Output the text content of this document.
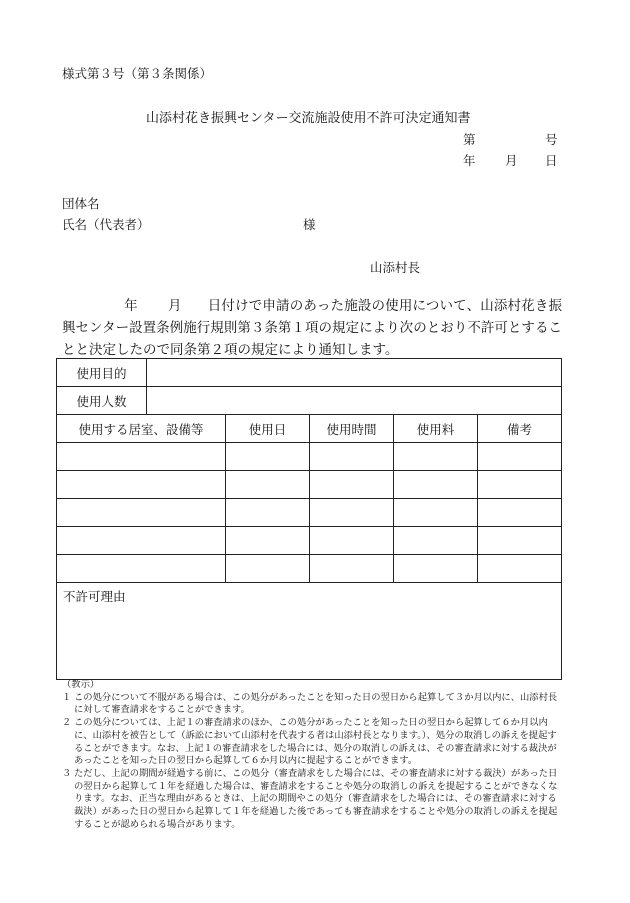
様式第３号（第３条関係）
山添村花き振興センター交流施設使用不許可決定通知書
第	号
年 月 日
団体名
氏名（代表者）	様
山添村長
年 月 日付けで申請のあった施設の使用について、山添村花き振興センター設置条例施行規則第３条第１項の規定により次のとおり不許可とすることと決定したので同条第２項の規定により通知します。
使用目的					
使用人数					
使用する居室、設備等		使用日	使用時間	使用料	備考

不許可理由					
（教示）
１ この処分について不服がある場合は、この処分があったことを知った日の翌日から起算して３か月以内に、山添村長に対して審査請求をすることができます。
２ この処分については、上記１の審査請求のほか、この処分があったことを知った日の翌日から起算して６か月以内に、山添村を被告として（訴訟において山添村を代表する者は山添村長となります。）、処分の取消しの訴えを提起することができます。なお、上記１の審査請求をした場合には、処分の取消しの訴えは、その審査請求に対する裁決があったことを知った日の翌日から起算して６か月以内に提起することができます。
３ ただし、上記の期間が経過する前に、この処分（審査請求をした場合には、その審査請求に対する裁決）があった日の翌日から起算して１年を経過した場合は、審査請求をすることや処分の取消しの訴えを提起することができなくなります。なお、正当な理由があるときは、上記の期間やこの処分（審査請求をした場合には、その審査請求に対する裁決）があった日の翌日から起算して１年を経過した後であっても審査請求をすることや処分の取消しの訴えを提起することが認められる場合があります。
